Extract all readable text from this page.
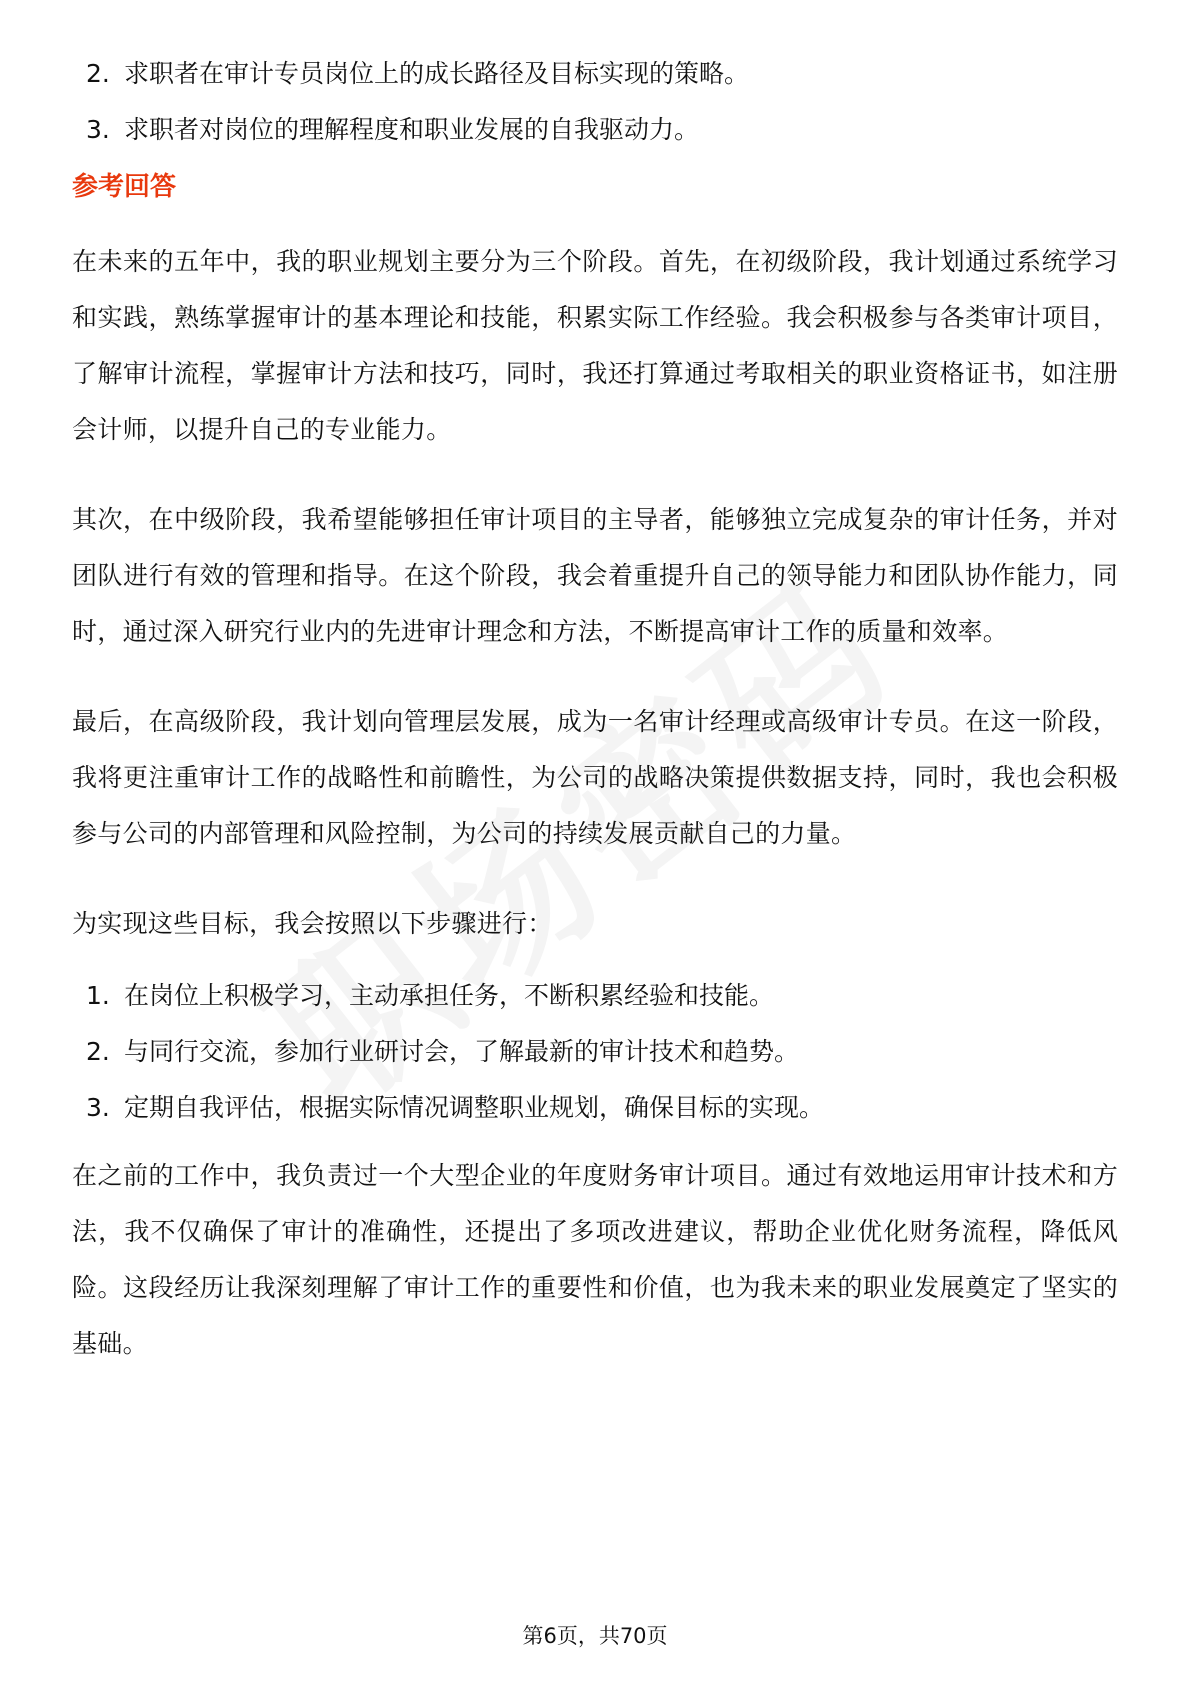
2. 求职者在审计专员岗位上的成长路径及目标实现的策略。
3. 求职者对岗位的理解程度和职业发展的自我驱动力。
参考回答

在未来的五年中，我的职业规划主要分为三个阶段。首先，在初级阶段，我计划通过系统学习和实践，熟练掌握审计的基本理论和技能，积累实际工作经验。我会积极参与各类审计项目，了解审计流程，掌握审计方法和技巧，同时，我还打算通过考取相关的职业资格证书，如注册会计师，以提升自己的专业能力。

其次，在中级阶段，我希望能够担任审计项目的主导者，能够独立完成复杂的审计任务，并对团队进行有效的管理和指导。在这个阶段，我会着重提升自己的领导能力和团队协作能力，同时，通过深入研究行业内的先进审计理念和方法，不断提高审计工作的质量和效率。

最后，在高级阶段，我计划向管理层发展，成为一名审计经理或高级审计专员。在这一阶段，我将更注重审计工作的战略性和前瞻性，为公司的战略决策提供数据支持，同时，我也会积极参与公司的内部管理和风险控制，为公司的持续发展贡献自己的力量。

为实现这些目标，我会按照以下步骤进行：

1. 在岗位上积极学习，主动承担任务，不断积累经验和技能。
2. 与同行交流，参加行业研讨会，了解最新的审计技术和趋势。
3. 定期自我评估，根据实际情况调整职业规划，确保目标的实现。

在之前的工作中，我负责过一个大型企业的年度财务审计项目。通过有效地运用审计技术和方法，我不仅确保了审计的准确性，还提出了多项改进建议，帮助企业优化财务流程，降低风险。这段经历让我深刻理解了审计工作的重要性和价值，也为我未来的职业发展奠定了坚实的基础。

第6页，共70页
